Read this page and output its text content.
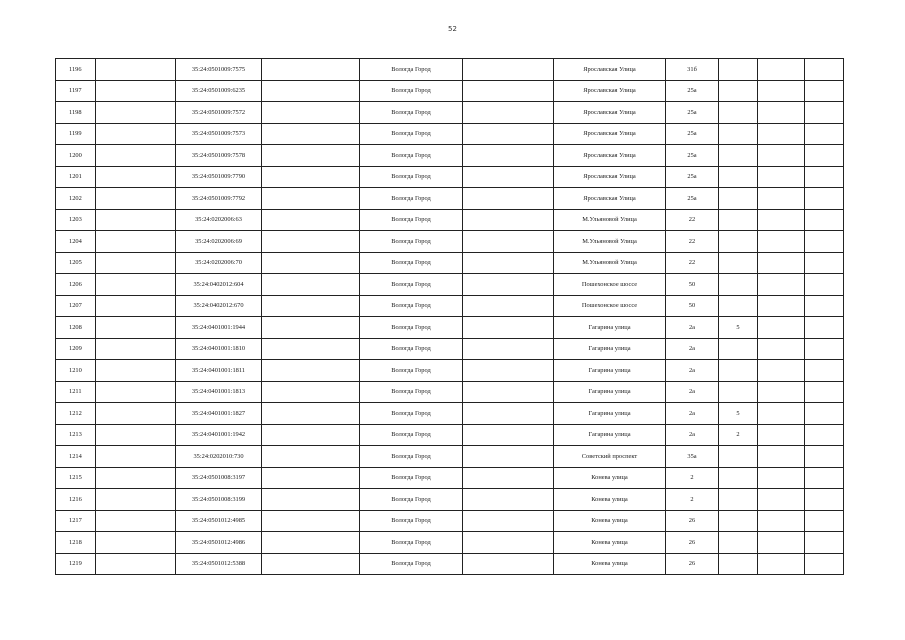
52
1196		35:24:0501009:7575		Вологда Город		Ярославская Улица	31б			
1197		35:24:0501009:6235		Вологда Город		Ярославская Улица	25а			
1198		35:24:0501009:7572		Вологда Город		Ярославская Улица	25а			
1199		35:24:0501009:7573		Вологда Город		Ярославская Улица	25а			
1200		35:24:0501009:7578		Вологда Город		Ярославская Улица	25а			
1201		35:24:0501009:7790		Вологда Город		Ярославская Улица	25а			
1202		35:24:0501009:7792		Вологда Город		Ярославская Улица	25а			
1203		35:24:0202006:63		Вологда Город		М.Ульяновой Улица	22			
1204		35:24:0202006:69		Вологда Город		М.Ульяновой Улица	22			
1205		35:24:0202006:70		Вологда Город		М.Ульяновой Улица	22			
1206		35:24:0402012:604		Вологда Город		Пошехонское шоссе	50			
1207		35:24:0402012:670		Вологда Город		Пошехонское шоссе	50			
1208		35:24:0401001:1944		Вологда Город		Гагарина улица	2а	5		
1209		35:24:0401001:1810		Вологда Город		Гагарина улица	2а			
1210		35:24:0401001:1811		Вологда Город		Гагарина улица	2а			
1211		35:24:0401001:1813		Вологда Город		Гагарина улица	2а			
1212		35:24:0401001:1827		Вологда Город		Гагарина улица	2а	5		
1213		35:24:0401001:1942		Вологда Город		Гагарина улица	2а	2		
1214		35:24:0202010:730		Вологда Город		Советский проспект	35а			
1215		35:24:0501008:3197		Вологда Город		Конева улица	2			
1216		35:24:0501008:3199		Вологда Город		Конева улица	2			
1217		35:24:0501012:4985		Вологда Город		Конева улица	26			
1218		35:24:0501012:4986		Вологда Город		Конева улица	26			
1219		35:24:0501012:5388		Вологда Город		Конева улица	26			
